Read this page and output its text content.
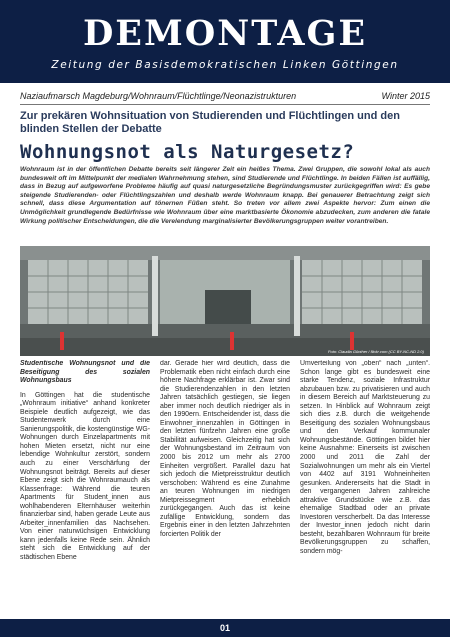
DEMONTAGE
Zeitung der Basisdemokratischen Linken Göttingen
Naziaufmarsch Magdeburg/Wohnraum/Flüchtlinge/Neonazistrukturen	Winter 2015
Zur prekären Wohnsituation von Studierenden und Flüchtlingen und den blinden Stellen der Debatte
Wohnungsnot als Naturgesetz?
Wohnraum ist in der öffentlichen Debatte bereits seit längerer Zeit ein heißes Thema. Zwei Gruppen, die sowohl lokal als auch bundesweit oft im Mittelpunkt der medialen Wahrnehmung stehen, sind Studierende und Flüchtlinge. In beiden Fällen ist auffällig, dass in Bezug auf aufgeworfene Probleme häufig auf quasi naturgesetzliche Begründungsmuster zurückgegriffen wird: Es gebe steigende Studierenden- oder Flüchtlingszahlen und deshalb werde Wohnraum knapp. Bei genauerer Betrachtung zeigt sich schnell, dass diese Argumentation auf tönernen Füßen steht. So treten vor allem zwei Aspekte hervor: Zum einen die Unmöglichkeit grundlegende Bedürfnisse wie Wohnraum über eine marktbasierte Ökonomie abzudecken, zum anderen die fatale Wirkung politischer Entscheidungen, die die Verelendung marginalisierter Bevölkerungsgruppen weiter vorantreiben.
Foto: Claudia Günther / flickr.com (CC BY-NC-ND 2.0)

Studentische Wohnungsnot und die Beseitigung des sozialen Wohnungsbaus

In Göttingen hat die studentische „Wohnraum initiative“ anhand konkreter Beispiele deutlich aufgezeigt, wie das Studentenwerk durch eine Sanierungspolitik, die kostengünstige WG-Wohnungen durch Einzelapartments mit hohen Mieten ersetzt, nicht nur eine lebendige Wohnkultur zerstört, sondern auch zu einer Verschärfung der Wohnungsnot beiträgt. Bereits auf dieser Ebene zeigt sich die Wohnraumauch als Klassenfrage: Während die teuren Apartments für Student_innen aus wohlhabenderen Elternhäuser weiterhin finanzierbar sind, haben gerade Leute aus Arbeiter_innenfamilien das Nachsehen. Von einer naturwüchsigen Entwicklung kann jedenfalls keine Rede sein. Ähnlich steht sich die Entwicklung auf der städtischen Ebene

dar. Gerade hier wird deutlich, dass die Problematik eben nicht einfach durch eine höhere Nachfrage erklärbar ist. Zwar sind die Studierendenzahlen in den letzten Jahren tatsächlich gestiegen, sie liegen aber immer noch deutlich niedriger als in den 1990ern. Entscheidender ist, dass die Einwohner_innenzahlen in Göttingen in den letzten fünfzehn Jahren eine große Stabilität aufweisen. Gleichzeitig hat sich der Wohnungsbestand im Zeitraum von 2000 bis 2012 um mehr als 2700 Einheiten vergrößert. Parallel dazu hat sich jedoch die Mietpreisstruktur deutlich verschoben: Während es eine Zunahme an teuren Wohnungen im niedrigen Mietpreissegment erheblich zurückgegangen. Auch das ist keine zufällige Entwicklung, sondern das Ergebnis einer in den letzten Jahrzehnten forcierten Politik der

Umverteilung von „oben“ nach „unten“. Schon lange gibt es bundesweit eine starke Tendenz, soziale Infrastruktur abzubauen bzw. zu privatisieren und auch in diesem Bereich auf Marktsteuerung zu setzen. In Hinblick auf Wohnraum zeigt sich dies z.B. durch die weitgehende Beseitigung des sozialen Wohnungsbaus und den Verkauf kommunaler Wohnungsbestände. Göttingen bildet hier keine Ausnahme: Einerseits ist zwischen 2000 und 2011 die Zahl der Sozialwohnungen um mehr als ein Viertel von 4402 auf 3191 Wohneinheiten gesunken. Andererseits hat die Stadt in den vergangenen Jahren zahlreiche attraktive Grundstücke wie z.B. das ehemalige Stadtbad oder an private Investoren verscherbelt. Da das Interesse der Investor_innen jedoch nicht darin besteht, bezahlbaren Wohnraum für breite Bevölkerungsgruppen zu schaffen, sondern mög-

01
